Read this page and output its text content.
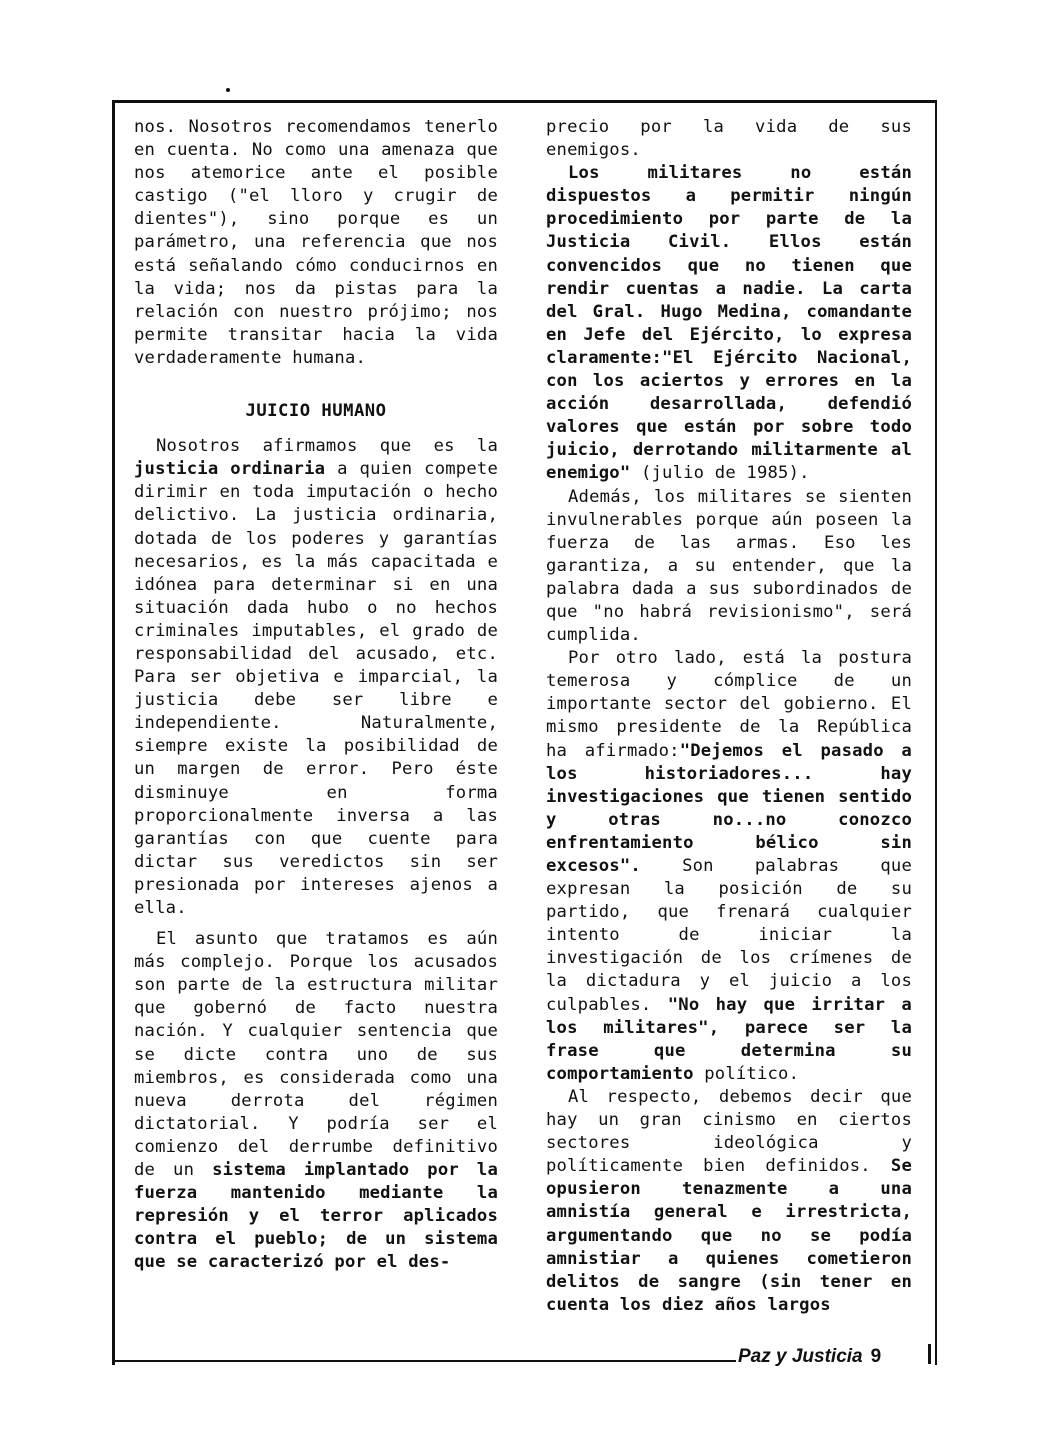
nos. Nosotros recomendamos tenerlo en cuenta. No como una amenaza que nos atemorice ante el posible castigo ("el lloro y crugir de dientes"), sino porque es un parámetro, una referencia que nos está señalando cómo conducirnos en la vida; nos da pistas para la relación con nuestro prójimo; nos permite transitar hacia la vida verdaderamente humana.

JUICIO HUMANO

Nosotros afirmamos que es la justicia ordinaria a quien compete dirimir en toda imputación o hecho delictivo. La justicia ordinaria, dotada de los poderes y garantías necesarios, es la más capacitada e idónea para determinar si en una situación dada hubo o no hechos criminales imputables, el grado de responsabilidad del acusado, etc. Para ser objetiva e imparcial, la justicia debe ser libre e independiente. Naturalmente, siempre existe la posibilidad de un margen de error. Pero éste disminuye en forma proporcionalmente inversa a las garantías con que cuente para dictar sus veredictos sin ser presionada por intereses ajenos a ella.

El asunto que tratamos es aún más complejo. Porque los acusados son parte de la estructura militar que gobernó de facto nuestra nación. Y cualquier sentencia que se dicte contra uno de sus miembros, es considerada como una nueva derrota del régimen dictatorial. Y podría ser el comienzo del derrumbe definitivo de un sistema implantado por la fuerza mantenido mediante la represión y el terror aplicados contra el pueblo; de un sistema que se caracterizó por el des-

precio por la vida de sus enemigos.

Los militares no están dispuestos a permitir ningún procedimiento por parte de la Justicia Civil. Ellos están convencidos que no tienen que rendir cuentas a nadie. La carta del Gral. Hugo Medina, comandante en Jefe del Ejército, lo expresa claramente:"El Ejército Nacional, con los aciertos y errores en la acción desarrollada, defendió valores que están por sobre todo juicio, derrotando militarmente al enemigo" (julio de 1985).

Además, los militares se sienten invulnerables porque aún poseen la fuerza de las armas. Eso les garantiza, a su entender, que la palabra dada a sus subordinados de que "no habrá revisionismo", será cumplida.

Por otro lado, está la postura temerosa y cómplice de un importante sector del gobierno. El mismo presidente de la República ha afirmado:"Dejemos el pasado a los historiadores... hay investigaciones que tienen sentido y otras no...no conozco enfrentamiento bélico sin excesos". Son palabras que expresan la posición de su partido, que frenará cualquier intento de iniciar la investigación de los crímenes de la dictadura y el juicio a los culpables. "No hay que irritar a los militares", parece ser la frase que determina su comportamiento político.

Al respecto, debemos decir que hay un gran cinismo en ciertos sectores ideológica y políticamente bien definidos. Se opusieron tenazmente a una amnistía general e irrestricta, argumentando que no se podía amnistiar a quienes cometieron delitos de sangre (sin tener en cuenta los diez años largos

Paz y Justicia 9
